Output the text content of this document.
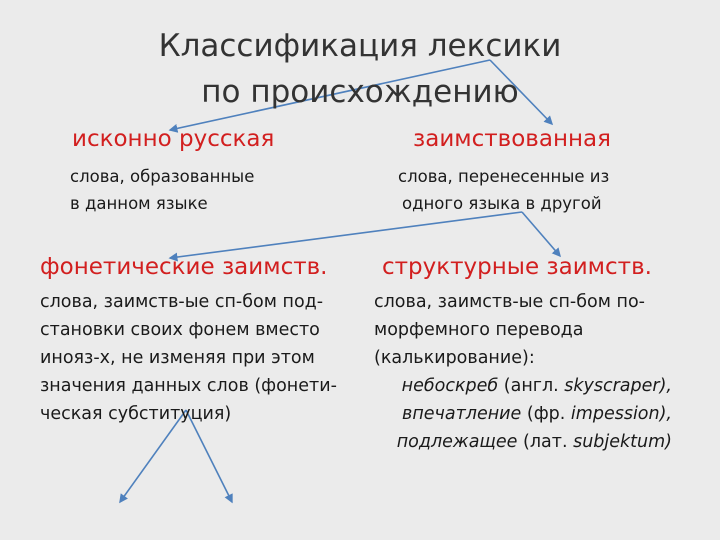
Классификация лексики
по происхождению
исконно русская
слова, образованные
в данном языке
заимствованная
слова, перенесенные из
одного языка в другой
фонетические заимств. структурные заимств.
слова, заимств-ые сп-бом под-
становки своих фонем вместо
инояз-х, не изменяя при этом
значения данных слов (фонети-
ческая субституция)
слова, заимств-ые сп-бом по-
морфемного перевода
(калькирование):
небоскреб (англ. skyscraper),
впечатление (фр. impession),
подлежащее (лат. subjektum)
